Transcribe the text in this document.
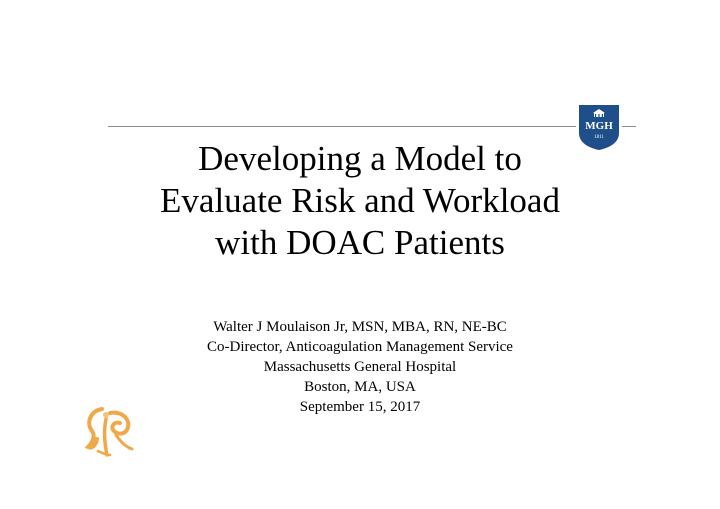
MGH
1811
Developing a Model to
Evaluate Risk and Workload
with DOAC Patients
Walter J Moulaison Jr, MSN, MBA, RN, NE-BC
Co-Director, Anticoagulation Management Service
Massachusetts General Hospital
Boston, MA, USA
September 15, 2017
